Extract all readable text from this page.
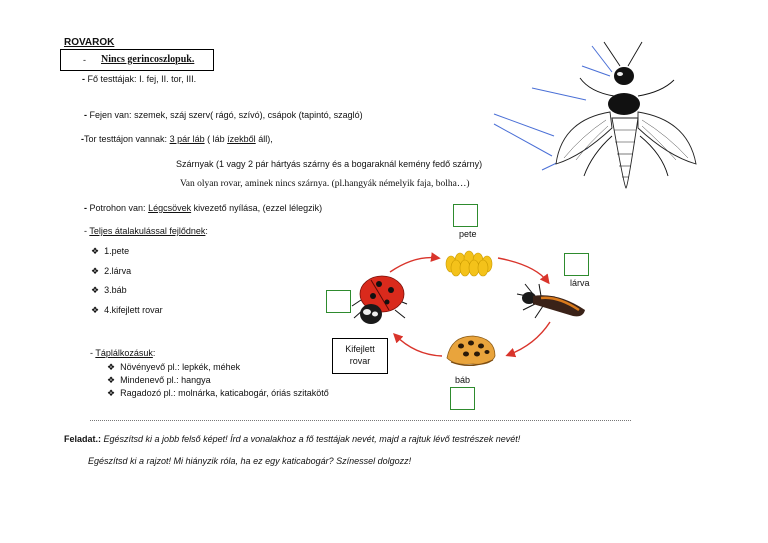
ROVAROK
- Nincs gerincoszlopuk.
- Fő testtájak: I. fej, II. tor, III.
- Fejen van: szemek, száj szerv( rágó, szívó), csápok (tapintó, szagló)
-Tor testtájon vannak: 3 pár láb ( láb ízekből áll),
Szárnyak (1 vagy 2 pár hártyás szárny és a bogaraknál kemény fedő szárny)
Van olyan rovar, aminek nincs szárnya. (pl.hangyák némelyik faja, bolha…)
- Potrohon van: Légcsövek kivezető nyílása, (ezzel lélegzik)
- Teljes átalakulással fejlődnek:
❖ 1.pete
❖ 2.lárva
❖ 3.báb
❖ 4.kifejlett rovar
- Táplálkozásuk:
❖ Növényevő pl.: lepkék, méhek
❖ Mindenevő pl.: hangya
❖ Ragadozó pl.: molnárka, katicabogár, óriás szitakötő
Feladat.: Egészítsd ki a jobb felső képet! Írd a vonalakhoz a fő testtájak nevét, majd a rajtuk lévő testrészek nevét!
Egészítsd ki a rajzot! Mi hiányzik róla, ha ez egy katicabogár? Színessel dolgozz!
pete
lárva
báb
Kifejlett
rovar
